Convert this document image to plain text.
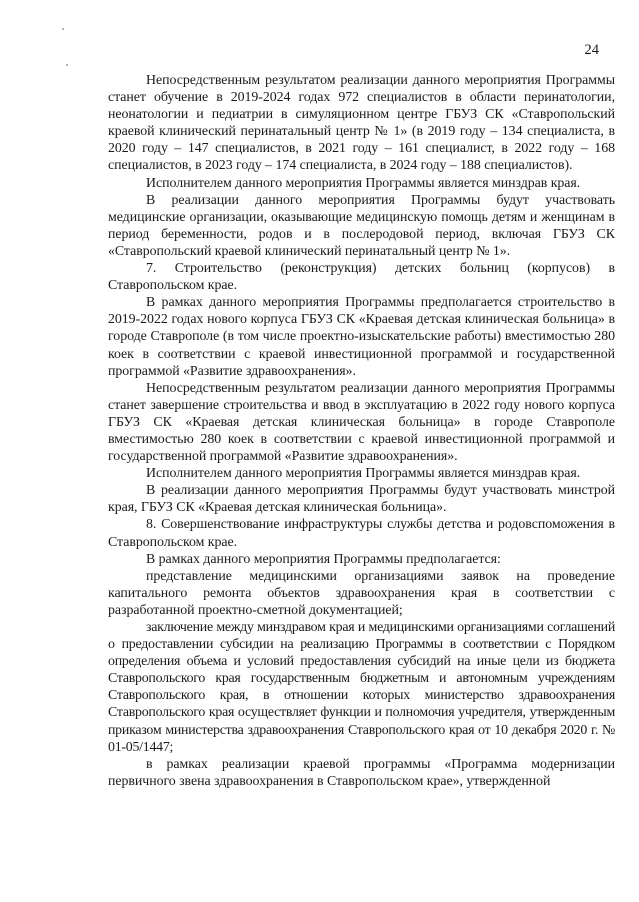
24

Непосредственным результатом реализации данного мероприятия Программы станет обучение в 2019-2024 годах 972 специалистов в области перинатологии, неонатологии и педиатрии в симуляционном центре ГБУЗ СК «Ставропольский краевой клинический перинатальный центр № 1» (в 2019 году – 134 специалиста, в 2020 году – 147 специалистов, в 2021 году – 161 специалист, в 2022 году – 168 специалистов, в 2023 году – 174 специалиста, в 2024 году – 188 специалистов).

Исполнителем данного мероприятия Программы является минздрав края.

В реализации данного мероприятия Программы будут участвовать медицинские организации, оказывающие медицинскую помощь детям и женщинам в период беременности, родов и в послеродовой период, включая ГБУЗ СК «Ставропольский краевой клинический перинатальный центр № 1».

7. Строительство (реконструкция) детских больниц (корпусов) в Ставропольском крае.

В рамках данного мероприятия Программы предполагается строительство в 2019-2022 годах нового корпуса ГБУЗ СК «Краевая детская клиническая больница» в городе Ставрополе (в том числе проектно-изыскательские работы) вместимостью 280 коек в соответствии с краевой инвестиционной программой и государственной программой «Развитие здравоохранения».

Непосредственным результатом реализации данного мероприятия Программы станет завершение строительства и ввод в эксплуатацию в 2022 году нового корпуса ГБУЗ СК «Краевая детская клиническая больница» в городе Ставрополе вместимостью 280 коек в соответствии с краевой инвестиционной программой и государственной программой «Развитие здравоохранения».

Исполнителем данного мероприятия Программы является минздрав края.

В реализации данного мероприятия Программы будут участвовать минстрой края, ГБУЗ СК «Краевая детская клиническая больница».

8. Совершенствование инфраструктуры службы детства и родовспоможения в Ставропольском крае.

В рамках данного мероприятия Программы предполагается:

представление медицинскими организациями заявок на проведение капитального ремонта объектов здравоохранения края в соответствии с разработанной проектно-сметной документацией;

заключение между минздравом края и медицинскими организациями соглашений о предоставлении субсидии на реализацию Программы в соответствии с Порядком определения объема и условий предоставления субсидий на иные цели из бюджета Ставропольского края государственным бюджетным и автономным учреждениям Ставропольского края, в отношении которых министерство здравоохранения Ставропольского края осуществляет функции и полномочия учредителя, утвержденным приказом министерства здравоохранения Ставропольского края от 10 декабря 2020 г. № 01-05/1447;

в рамках реализации краевой программы «Программа модернизации первичного звена здравоохранения в Ставропольском крае», утвержденной
